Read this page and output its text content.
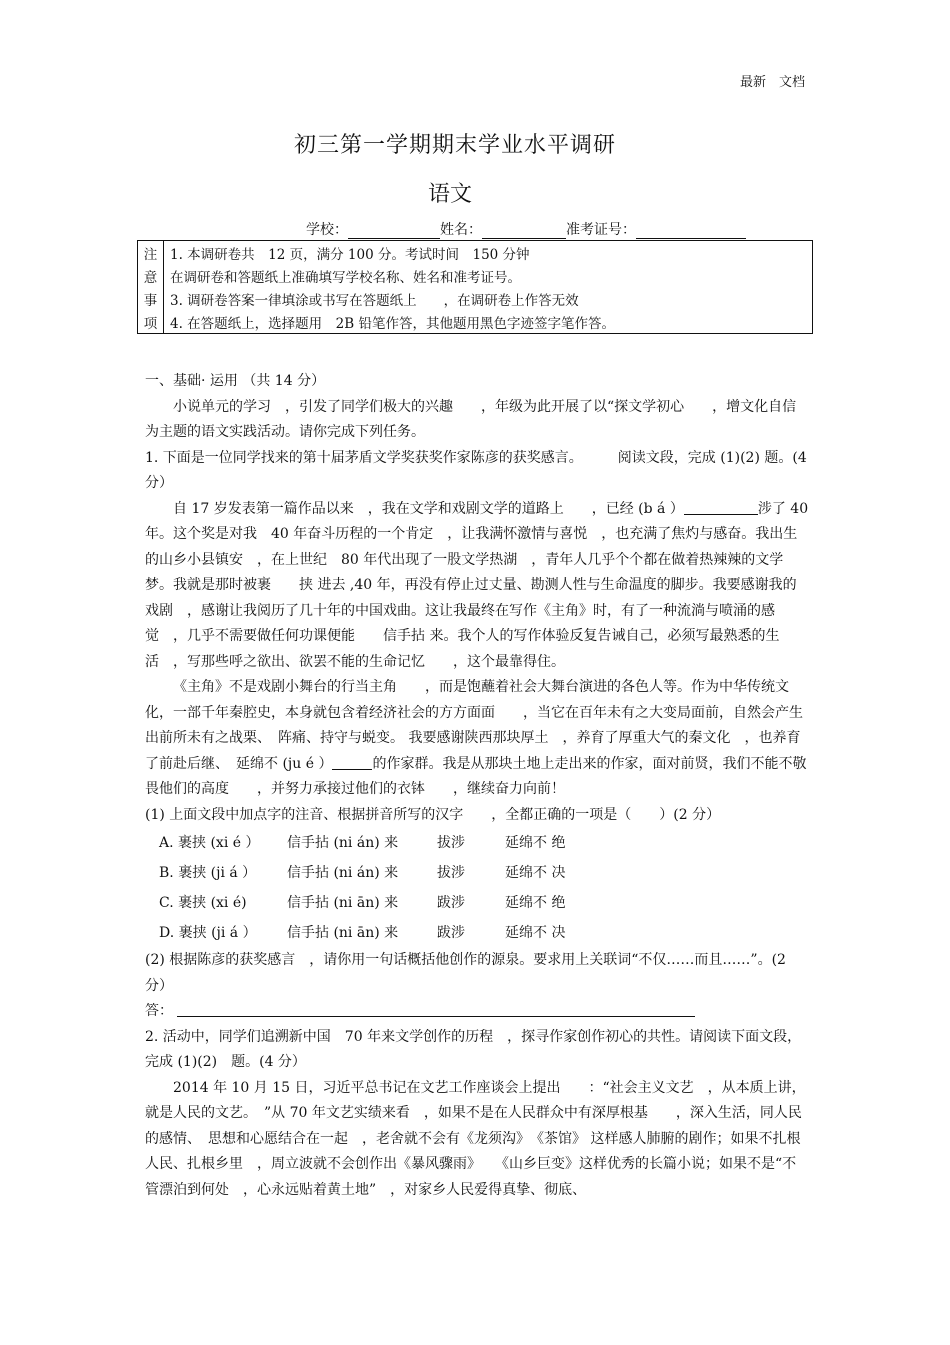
最新　文档
初三第一学期期末学业水平调研
语文
学校：	姓名：	准考证号：
注	1. 本调研卷共　12 页，满分 100 分。考试时间　150 分钟
意	在调研卷和答题纸上准确填写学校名称、姓名和准考证号。
事	3. 调研卷答案一律填涂或书写在答题纸上　　，在调研卷上作答无效
项	4. 在答题纸上，选择题用　2B 铅笔作答，其他题用黑色字迹签字笔作答。

一、基础· 运用 （共 14 分）

小说单元的学习　，引发了同学们极大的兴趣　　，年级为此开展了以“探文学初心　　，增文化自信为主题的语文实践活动。请你完成下列任务。

1. 下面是一位同学找来的第十届茅盾文学奖获奖作家陈彦的获奖感言。　　　阅读文段，完成 (1)(2) 题。(4 分）

自 17 岁发表第一篇作品以来　，我在文学和戏剧文学的道路上　　，已经 (b á ）	涉了 40 年。这个奖是对我　40 年奋斗历程的一个肯定　，让我满怀激情与喜悦　，也充满了焦灼与感奋。我出生的山乡小县镇安　，在上世纪　80 年代出现了一股文学热湖　，青年人几乎个个都在做着热辣辣的文学梦。我就是那时被裹　　挟 进去 ,40 年，再没有停止过丈量、勘测人性与生命温度的脚步。我要感谢我的戏剧　，感谢让我阅历了几十年的中国戏曲。这让我最终在写作《主角》时，有了一种流淌与喷涌的感觉　，几乎不需要做任何功课便能　　信手拈 来。我个人的写作体验反复告诫自己，必须写最熟悉的生活　，写那些呼之欲出、欲罢不能的生命记忆　　，这个最靠得住。

《主角》不是戏剧小舞台的行当主角　　，而是饱蘸着社会大舞台演进的各色人等。作为中华传统文化，一部千年秦腔史，本身就包含着经济社会的方方面面　　，当它在百年未有之大变局面前，自然会产生出前所未有之战栗、　阵痛、持守与蜕变。 我要感谢陕西那块厚土　，养育了厚重大气的秦文化　，也养育了前赴后继、　延绵不 (ju é ）	的作家群。我是从那块土地上走出来的作家，面对前贤，我们不能不敬畏他们的高度　　，并努力承接过他们的衣钵　　，继续奋力向前！

(1) 上面文段中加点字的注音、根据拼音所写的汉字　　，全都正确的一项是（　　）(2 分）

A. 裹挟 (xi é ） 信手拈 (ni án) 来	拔涉	延绵不 绝
B. 裹挟 (ji á ） 信手拈 (ni án) 来	拔涉	延绵不 决
C. 裹挟 (xi é)	信手拈 (ni ān) 来	跋涉	延绵不 绝
D. 裹挟 (ji á ） 信手拈 (ni ān) 来	跋涉	延绵不 决

(2) 根据陈彦的获奖感言　，请你用一句话概括他创作的源泉。要求用上关联词“不仅……而且……”。(2 分）

答：

2. 活动中，同学们追溯新中国　70 年来文学创作的历程　，探寻作家创作初心的共性。请阅读下面文段，完成 (1)(2)　题。(4 分）

2014 年 10 月 15 日，习近平总书记在文艺工作座谈会上提出　　：“社会主义文艺　，从本质上讲，就是人民的文艺。　”从 70 年文艺实绩来看　，如果不是在人民群众中有深厚根基　　，深入生活，同人民的感情、　思想和心愿结合在一起　，老舍就不会有《龙须沟》　《茶馆》 这样感人肺腑的剧作；如果不扎根人民、扎根乡里　，周立波就不会创作出《暴风骤雨》　　《山乡巨变》这样优秀的长篇小说；如果不是“不管漂泊到何处　，心永远贴着黄土地”　，对家乡人民爱得真挚、彻底、
